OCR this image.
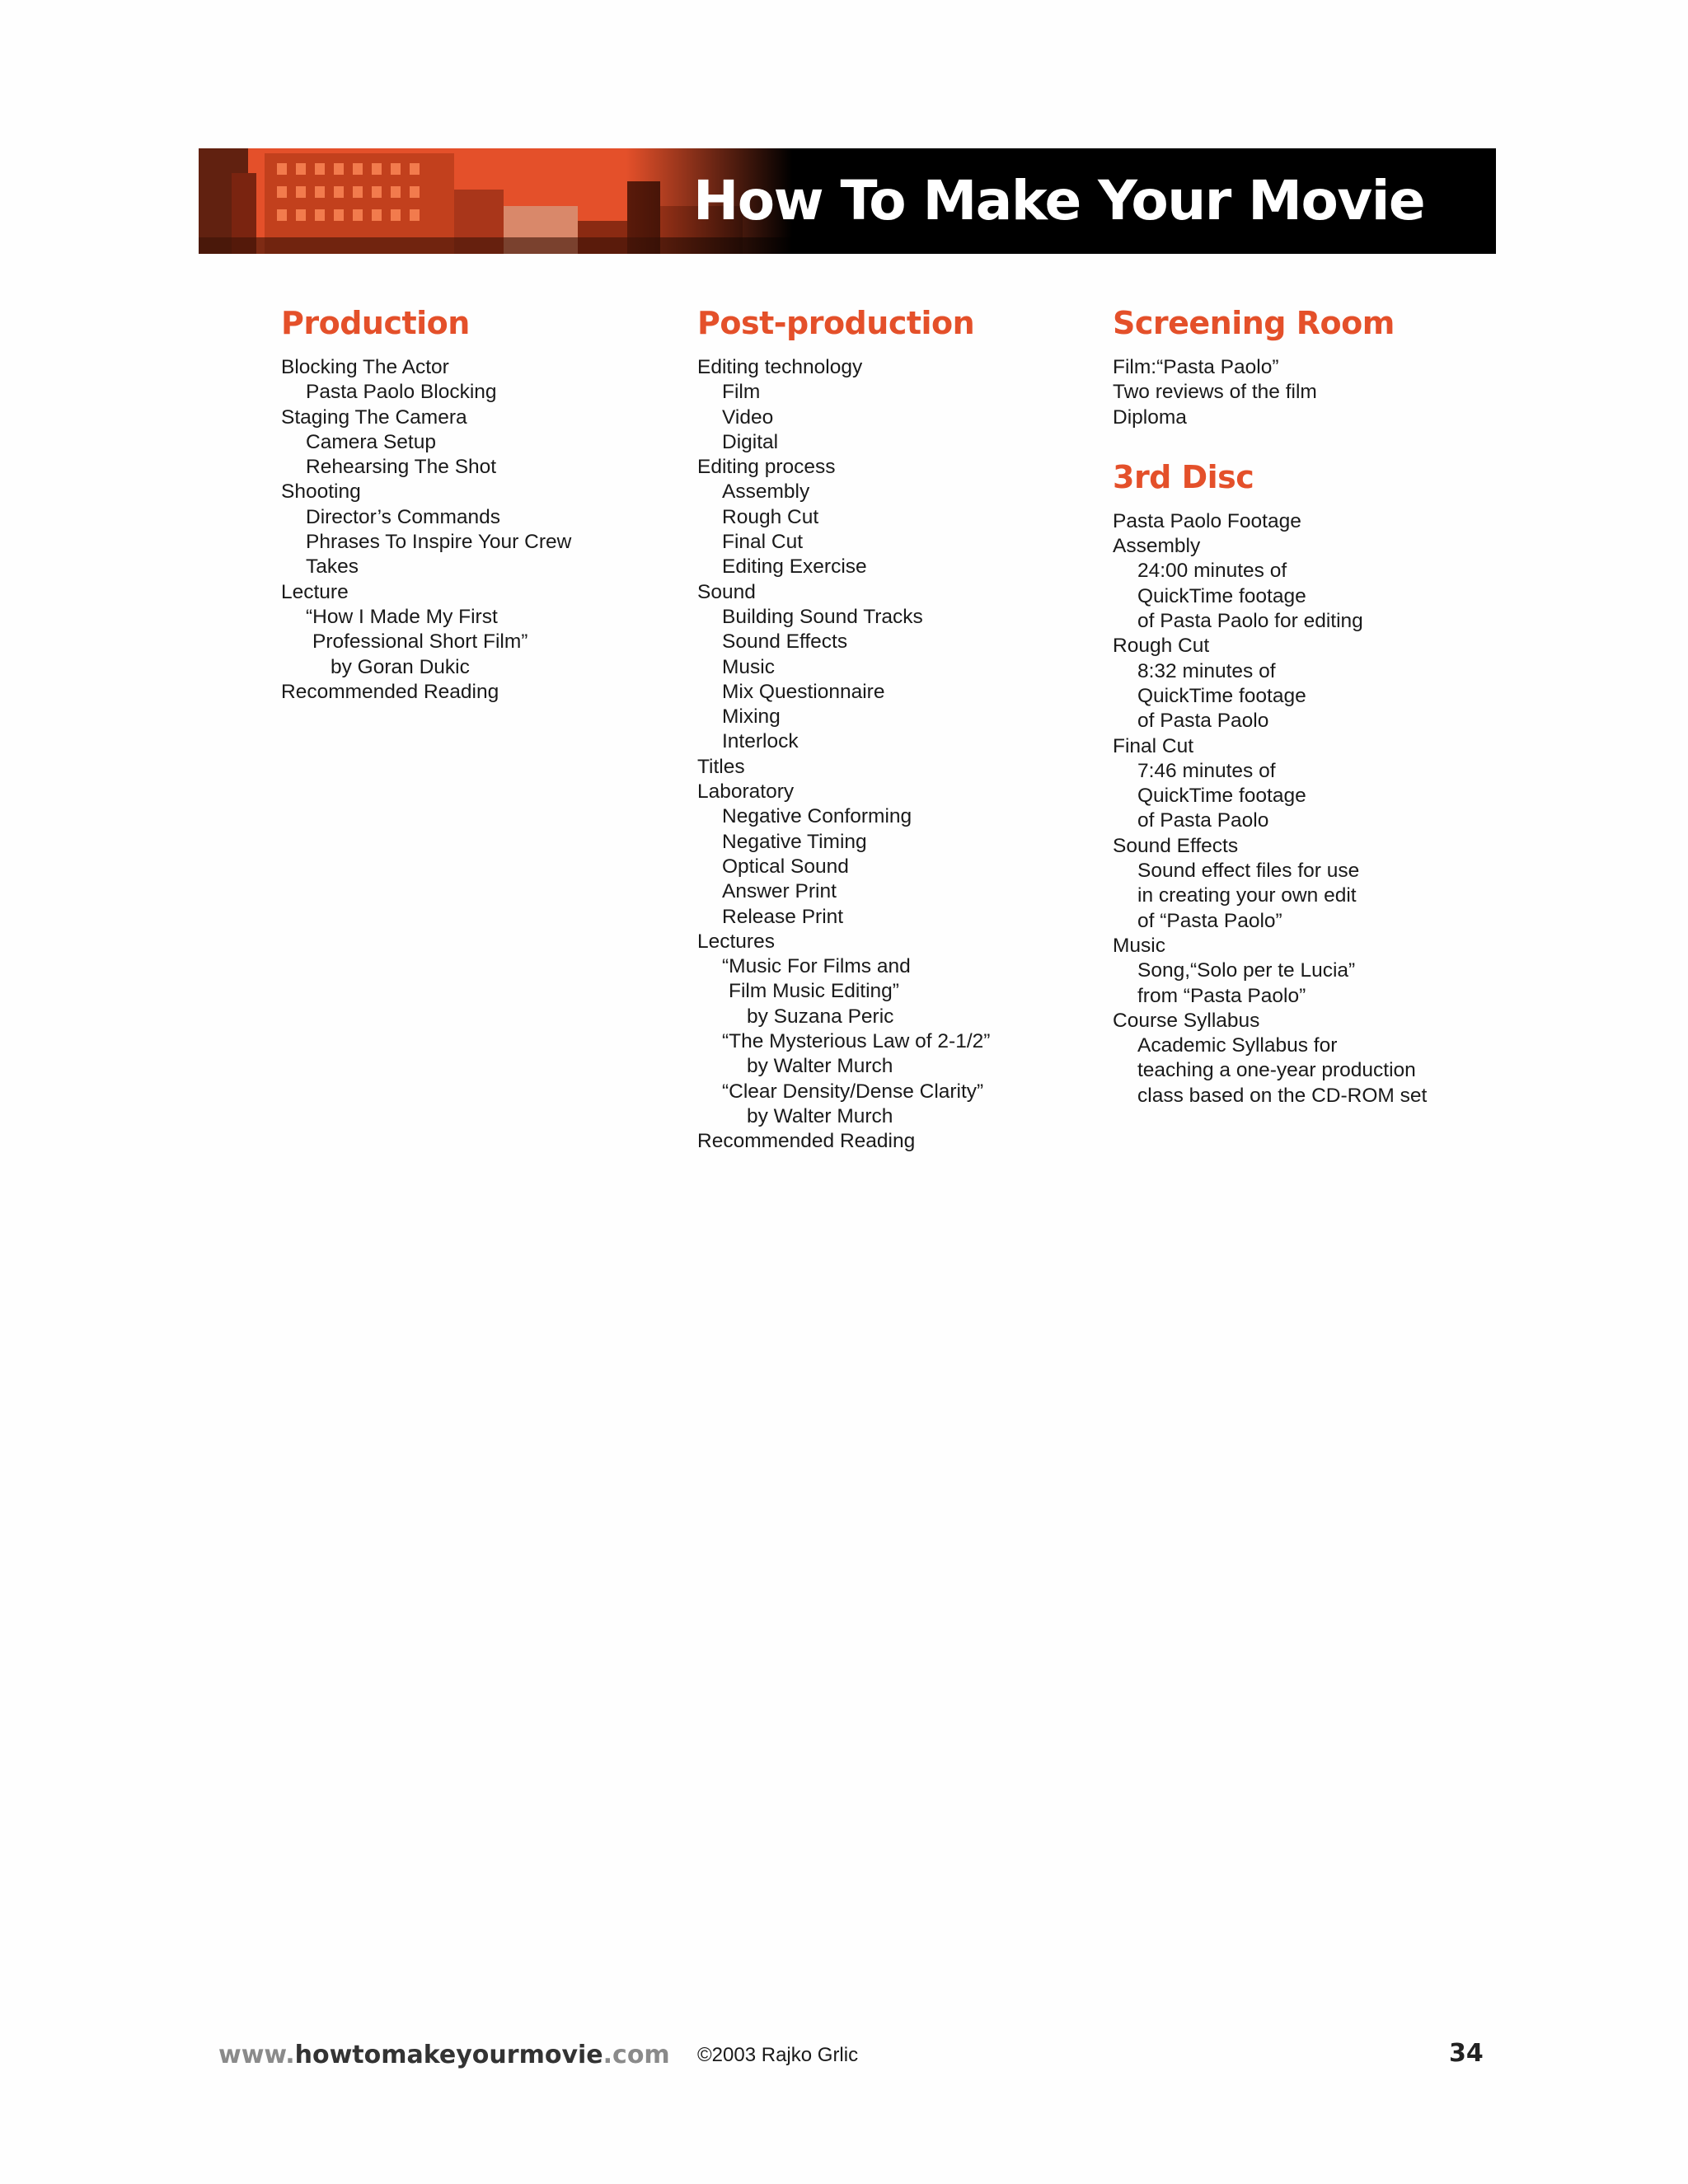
How To Make Your Movie
Production
Blocking The Actor
Pasta Paolo Blocking
Staging The Camera
Camera Setup
Rehearsing The Shot
Shooting
Director’s Commands
Phrases To Inspire Your Crew
Takes
Lecture
“How I Made My First
Professional Short Film”
by Goran Dukic
Recommended Reading
Post-production
Editing technology
Film
Video
Digital
Editing process
Assembly
Rough Cut
Final Cut
Editing Exercise
Sound
Building Sound Tracks
Sound Effects
Music
Mix Questionnaire
Mixing
Interlock
Titles
Laboratory
Negative Conforming
Negative Timing
Optical Sound
Answer Print
Release Print
Lectures
“Music For Films and
Film Music Editing”
by Suzana Peric
“The Mysterious Law of 2-1/2”
by Walter Murch
“Clear Density/Dense Clarity”
by Walter Murch
Recommended Reading
Screening Room
Film:“Pasta Paolo”
Two reviews of the film
Diploma
3rd Disc
Pasta Paolo Footage
Assembly
24:00 minutes of
QuickTime footage
of Pasta Paolo for editing
Rough Cut
8:32 minutes of
QuickTime footage
of Pasta Paolo
Final Cut
7:46 minutes of
QuickTime footage
of Pasta Paolo
Sound Effects
Sound effect files for use
in creating your own edit
of “Pasta Paolo”
Music
Song,“Solo per te Lucia”
from “Pasta Paolo”
Course Syllabus
Academic Syllabus for
teaching a one-year production
class based on the CD-ROM set
www.howtomakeyourmovie.com ©2003 Rajko Grlic	34
